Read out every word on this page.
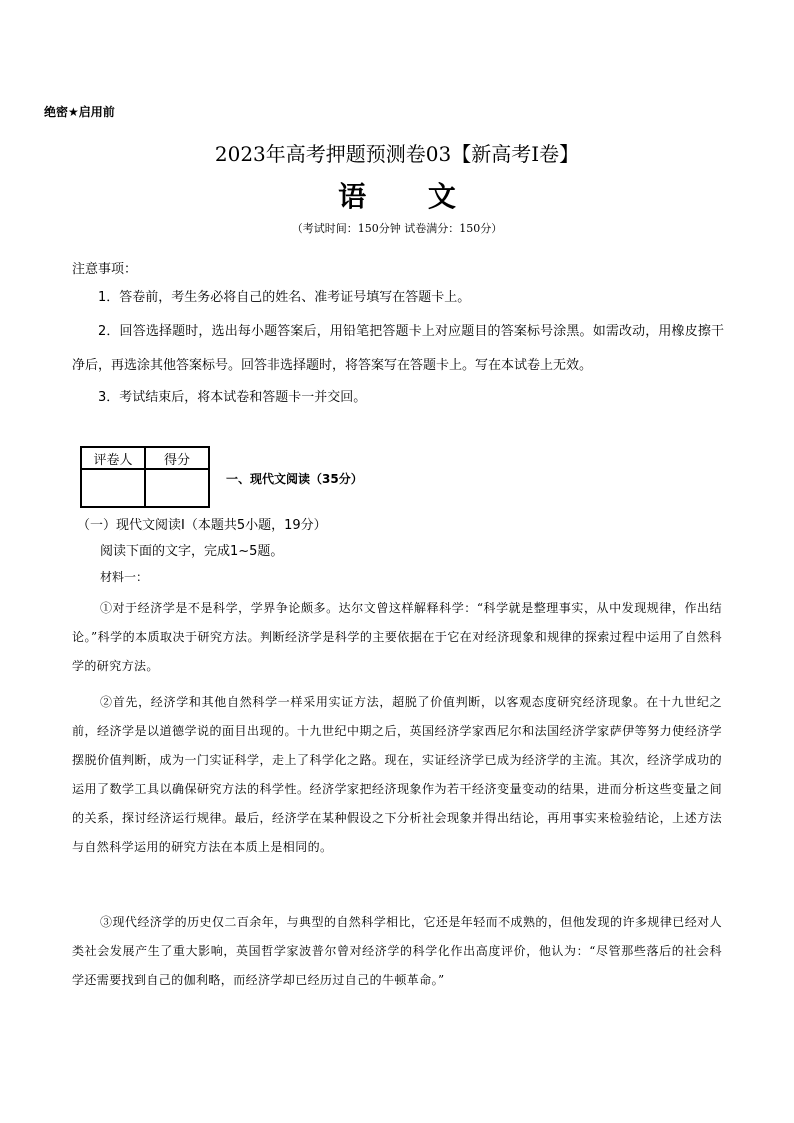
绝密★启用前
2023年高考押题预测卷03【新高考I卷】
语 文
（考试时间：150分钟 试卷满分：150分）
注意事项：
1．答卷前，考生务必将自己的姓名、准考证号填写在答题卡上。
2．回答选择题时，选出每小题答案后，用铅笔把答题卡上对应题目的答案标号涂黑。如需改动，用橡皮擦干净后，再选涂其他答案标号。回答非选择题时，将答案写在答题卡上。写在本试卷上无效。
3．考试结束后，将本试卷和答题卡一并交回。
评卷人	得分

一、现代文阅读（35分）
（一）现代文阅读Ⅰ（本题共5小题，19分）
阅读下面的文字，完成1~5题。
材料一：
①对于经济学是不是科学，学界争论颇多。达尔文曾这样解释科学：“科学就是整理事实，从中发现规律，作出结论。”科学的本质取决于研究方法。判断经济学是科学的主要依据在于它在对经济现象和规律的探索过程中运用了自然科学的研究方法。
②首先，经济学和其他自然科学一样采用实证方法，超脱了价值判断，以客观态度研究经济现象。在十九世纪之前，经济学是以道德学说的面目出现的。十九世纪中期之后，英国经济学家西尼尔和法国经济学家萨伊等努力使经济学摆脱价值判断，成为一门实证科学，走上了科学化之路。现在，实证经济学已成为经济学的主流。其次，经济学成功的运用了数学工具以确保研究方法的科学性。经济学家把经济现象作为若干经济变量变动的结果，进而分析这些变量之间的关系，探讨经济运行规律。最后，经济学在某种假设之下分析社会现象并得出结论，再用事实来检验结论，上述方法与自然科学运用的研究方法在本质上是相同的。
③现代经济学的历史仅二百余年，与典型的自然科学相比，它还是年轻而不成熟的，但他发现的许多规律已经对人类社会发展产生了重大影响，英国哲学家波普尔曾对经济学的科学化作出高度评价，他认为：“尽管那些落后的社会科学还需要找到自己的伽利略，而经济学却已经历过自己的牛顿革命。”
